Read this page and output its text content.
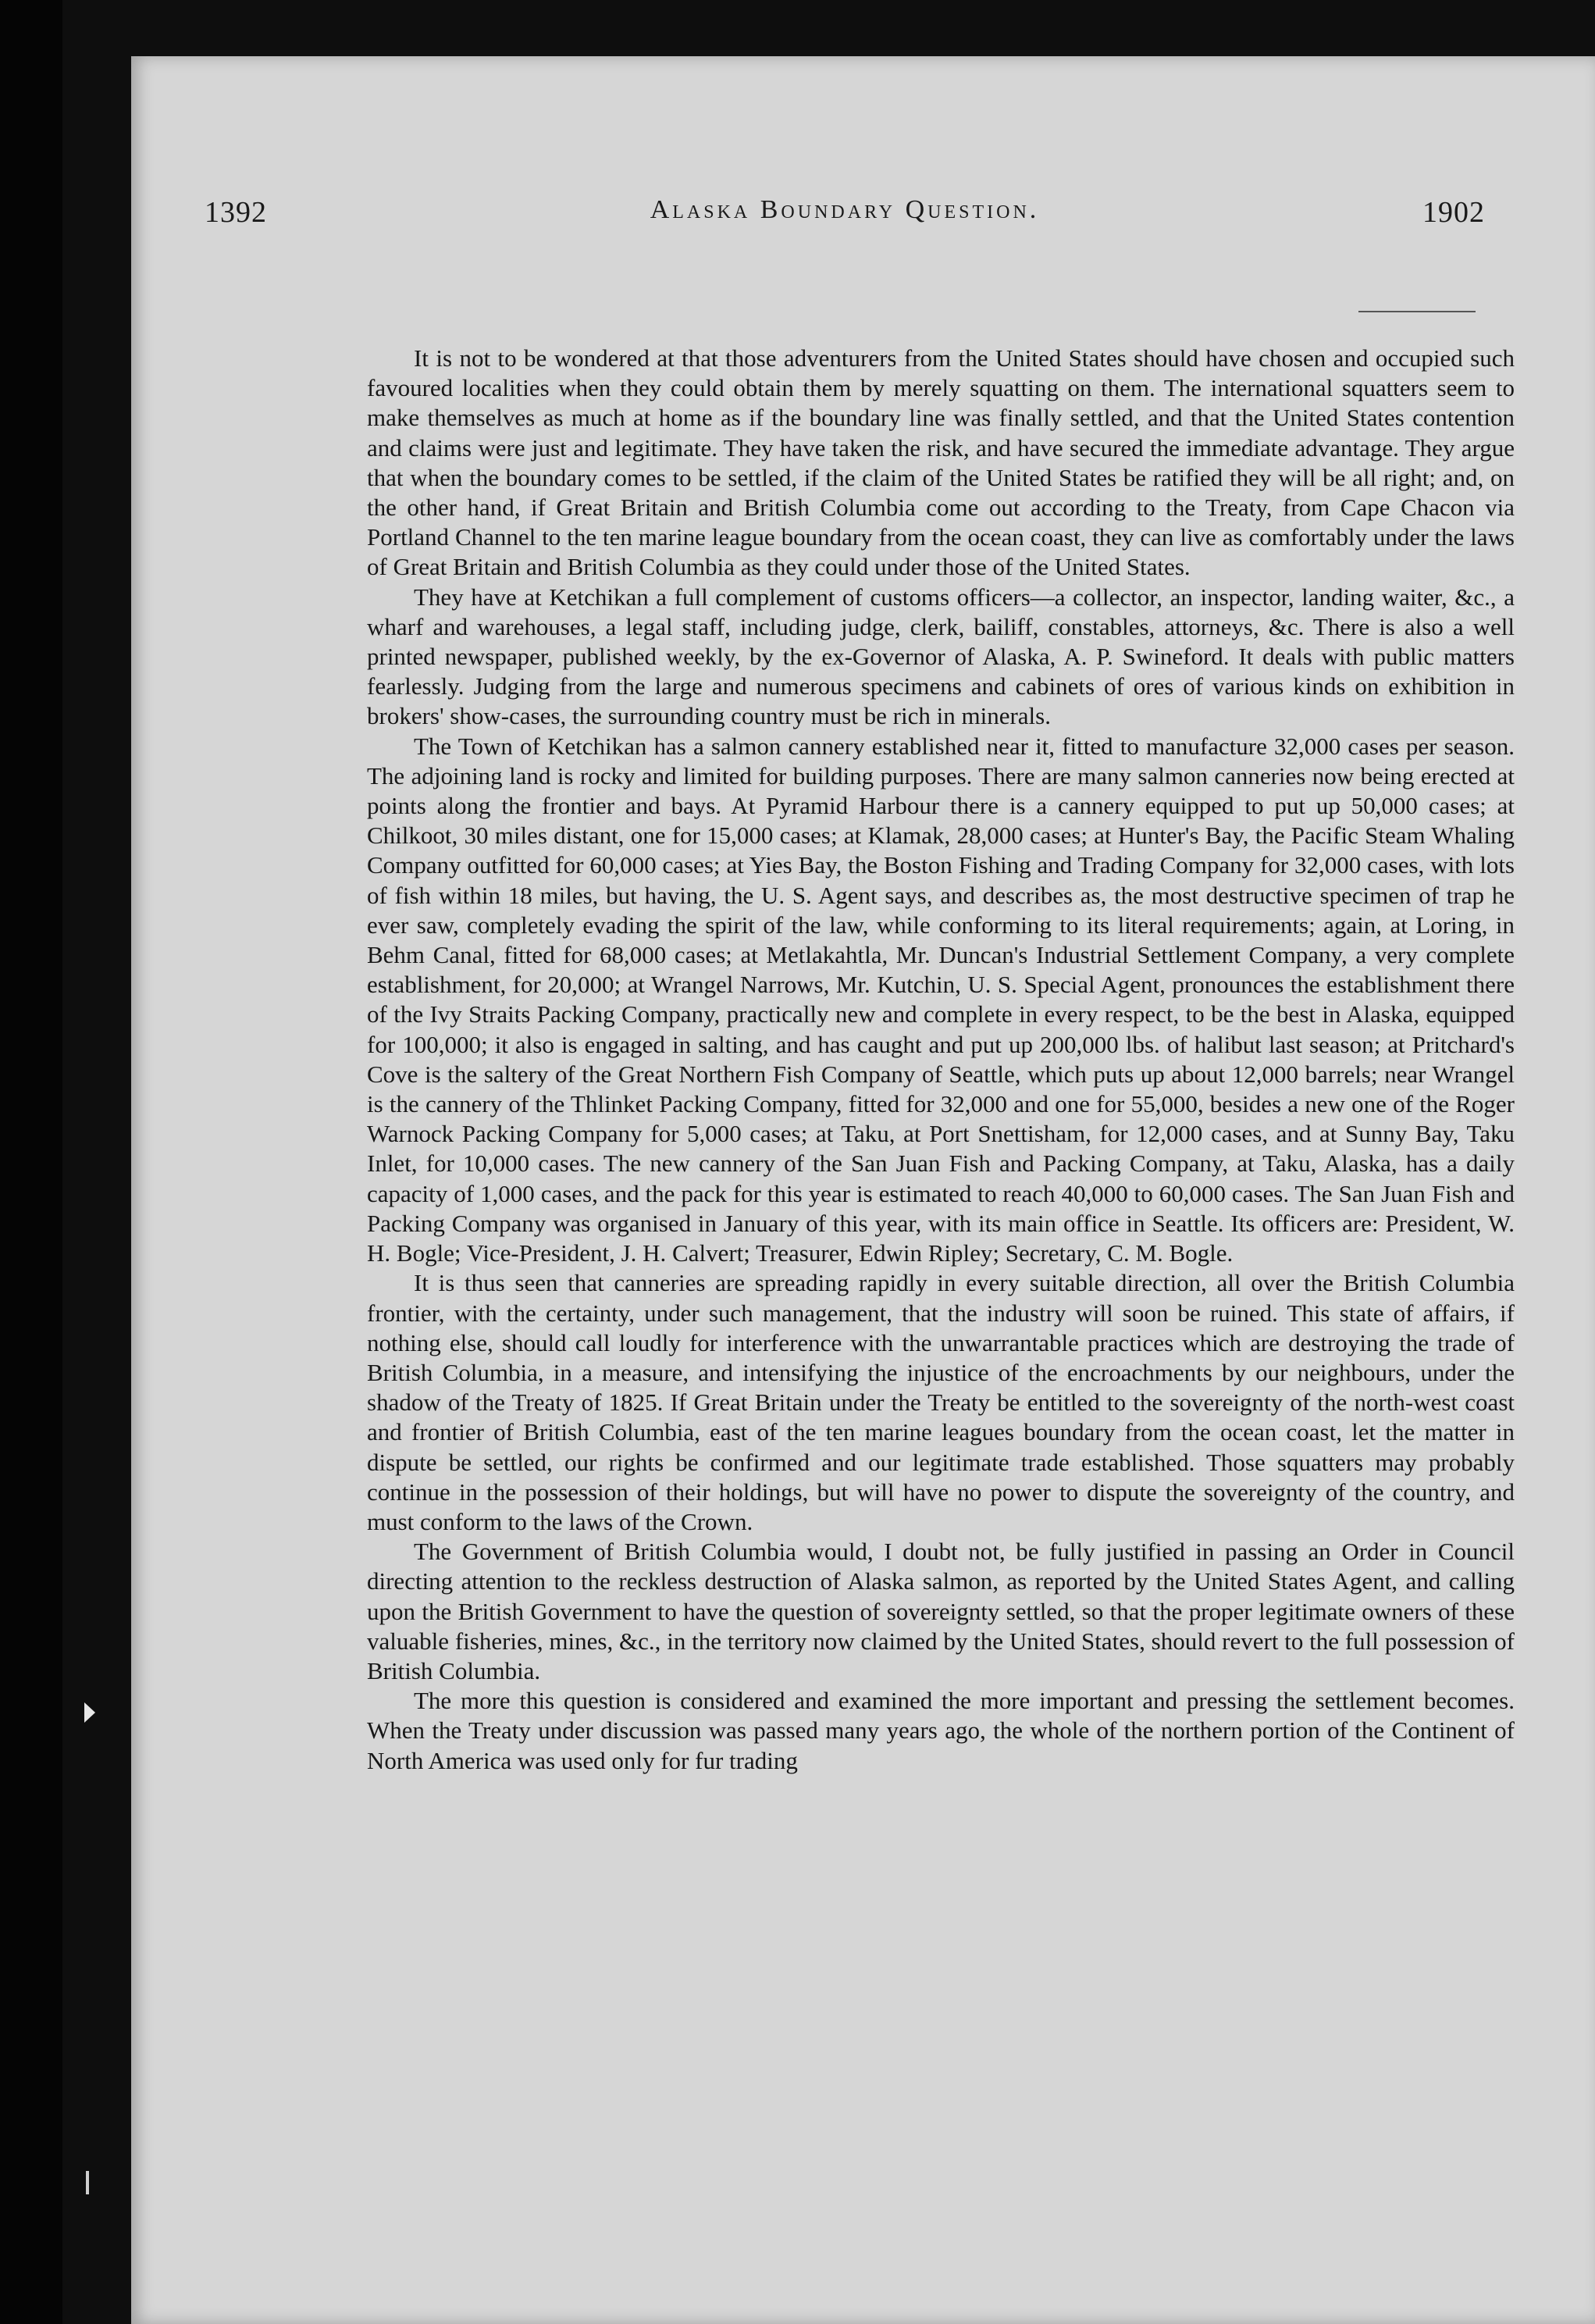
1392	Alaska Boundary Question.	1902

It is not to be wondered at that those adventurers from the United States should have chosen and occupied such favoured localities when they could obtain them by merely squatting on them. The international squatters seem to make themselves as much at home as if the boundary line was finally settled, and that the United States contention and claims were just and legitimate. They have taken the risk, and have secured the immediate advantage. They argue that when the boundary comes to be settled, if the claim of the United States be ratified they will be all right; and, on the other hand, if Great Britain and British Columbia come out according to the Treaty, from Cape Chacon via Portland Channel to the ten marine league boundary from the ocean coast, they can live as comfortably under the laws of Great Britain and British Columbia as they could under those of the United States.

They have at Ketchikan a full complement of customs officers—a collector, an inspector, landing waiter, &c., a wharf and warehouses, a legal staff, including judge, clerk, bailiff, constables, attorneys, &c. There is also a well printed newspaper, published weekly, by the ex-Governor of Alaska, A. P. Swineford. It deals with public matters fearlessly. Judging from the large and numerous specimens and cabinets of ores of various kinds on exhibition in brokers' show-cases, the surrounding country must be rich in minerals.

The Town of Ketchikan has a salmon cannery established near it, fitted to manufacture 32,000 cases per season. The adjoining land is rocky and limited for building purposes. There are many salmon canneries now being erected at points along the frontier and bays. At Pyramid Harbour there is a cannery equipped to put up 50,000 cases; at Chilkoot, 30 miles distant, one for 15,000 cases; at Klamak, 28,000 cases; at Hunter's Bay, the Pacific Steam Whaling Company outfitted for 60,000 cases; at Yies Bay, the Boston Fishing and Trading Company for 32,000 cases, with lots of fish within 18 miles, but having, the U. S. Agent says, and describes as, the most destructive specimen of trap he ever saw, completely evading the spirit of the law, while conforming to its literal requirements; again, at Loring, in Behm Canal, fitted for 68,000 cases; at Metlakahtla, Mr. Duncan's Industrial Settlement Company, a very complete establishment, for 20,000; at Wrangel Narrows, Mr. Kutchin, U. S. Special Agent, pronounces the establishment there of the Ivy Straits Packing Company, practically new and complete in every respect, to be the best in Alaska, equipped for 100,000; it also is engaged in salting, and has caught and put up 200,000 lbs. of halibut last season; at Pritchard's Cove is the saltery of the Great Northern Fish Company of Seattle, which puts up about 12,000 barrels; near Wrangel is the cannery of the Thlinket Packing Company, fitted for 32,000 and one for 55,000, besides a new one of the Roger Warnock Packing Company for 5,000 cases; at Taku, at Port Snettisham, for 12,000 cases, and at Sunny Bay, Taku Inlet, for 10,000 cases. The new cannery of the San Juan Fish and Packing Company, at Taku, Alaska, has a daily capacity of 1,000 cases, and the pack for this year is estimated to reach 40,000 to 60,000 cases. The San Juan Fish and Packing Company was organised in January of this year, with its main office in Seattle. Its officers are: President, W. H. Bogle; Vice-President, J. H. Calvert; Treasurer, Edwin Ripley; Secretary, C. M. Bogle.

It is thus seen that canneries are spreading rapidly in every suitable direction, all over the British Columbia frontier, with the certainty, under such management, that the industry will soon be ruined. This state of affairs, if nothing else, should call loudly for interference with the unwarrantable practices which are destroying the trade of British Columbia, in a measure, and intensifying the injustice of the encroachments by our neighbours, under the shadow of the Treaty of 1825. If Great Britain under the Treaty be entitled to the sovereignty of the north-west coast and frontier of British Columbia, east of the ten marine leagues boundary from the ocean coast, let the matter in dispute be settled, our rights be confirmed and our legitimate trade established. Those squatters may probably continue in the possession of their holdings, but will have no power to dispute the sovereignty of the country, and must conform to the laws of the Crown.

The Government of British Columbia would, I doubt not, be fully justified in passing an Order in Council directing attention to the reckless destruction of Alaska salmon, as reported by the United States Agent, and calling upon the British Government to have the question of sovereignty settled, so that the proper legitimate owners of these valuable fisheries, mines, &c., in the territory now claimed by the United States, should revert to the full possession of British Columbia.

The more this question is considered and examined the more important and pressing the settlement becomes. When the Treaty under discussion was passed many years ago, the whole of the northern portion of the Continent of North America was used only for fur trading
